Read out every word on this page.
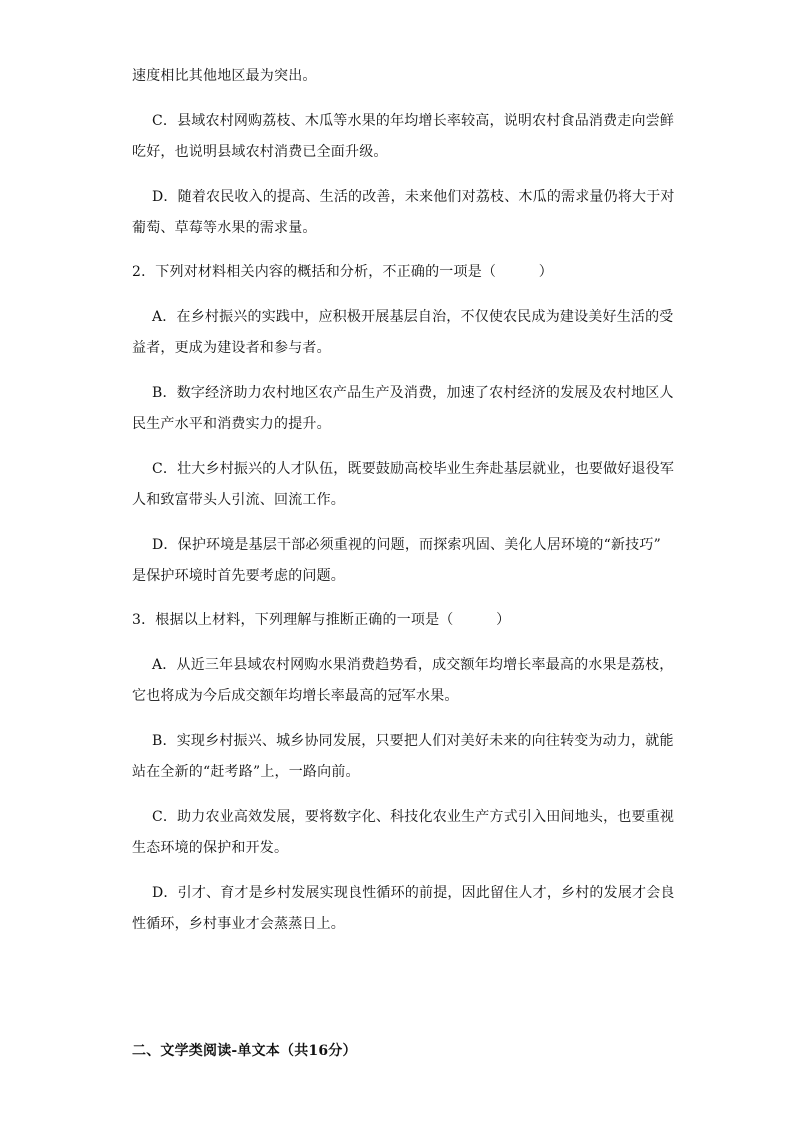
速度相比其他地区最为突出。
C．县域农村网购荔枝、木瓜等水果的年均增长率较高，说明农村食品消费走向尝鲜
吃好，也说明县域农村消费已全面升级。
D．随着农民收入的提高、生活的改善，未来他们对荔枝、木瓜的需求量仍将大于对
葡萄、草莓等水果的需求量。
2．下列对材料相关内容的概括和分析，不正确的一项是（　　　）
A．在乡村振兴的实践中，应积极开展基层自治，不仅使农民成为建设美好生活的受
益者，更成为建设者和参与者。
B．数字经济助力农村地区农产品生产及消费，加速了农村经济的发展及农村地区人
民生产水平和消费实力的提升。
C．壮大乡村振兴的人才队伍，既要鼓励高校毕业生奔赴基层就业，也要做好退役军
人和致富带头人引流、回流工作。
D．保护环境是基层干部必须重视的问题，而探索巩固、美化人居环境的“新技巧”
是保护环境时首先要考虑的问题。
3．根据以上材料，下列理解与推断正确的一项是（　　　）
A．从近三年县域农村网购水果消费趋势看，成交额年均增长率最高的水果是荔枝，
它也将成为今后成交额年均增长率最高的冠军水果。
B．实现乡村振兴、城乡协同发展，只要把人们对美好未来的向往转变为动力，就能
站在全新的“赶考路”上，一路向前。
C．助力农业高效发展，要将数字化、科技化农业生产方式引入田间地头，也要重视
生态环境的保护和开发。
D．引才、育才是乡村发展实现良性循环的前提，因此留住人才，乡村的发展才会良
性循环，乡村事业才会蒸蒸日上。
二、文学类阅读-单文本（共16分）
